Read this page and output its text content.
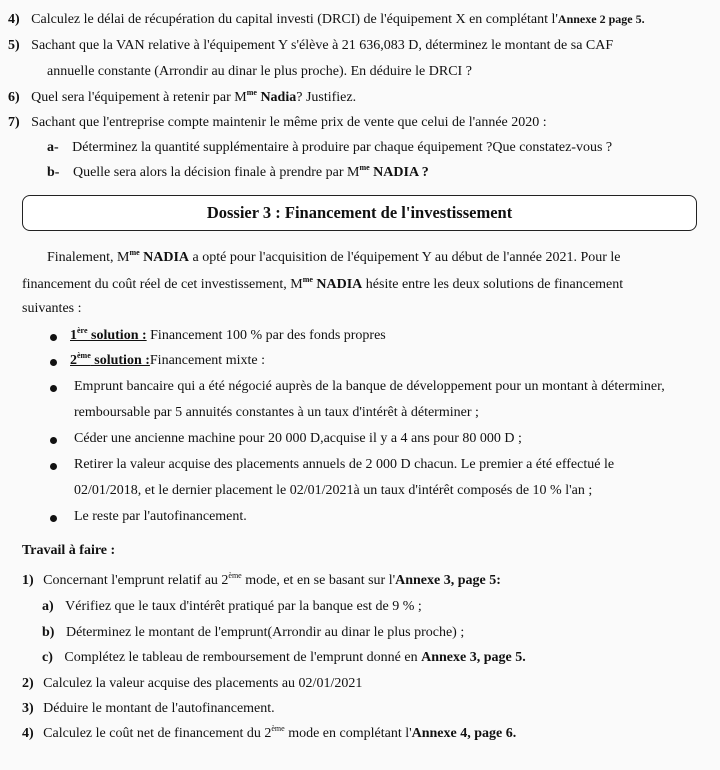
4) Calculez le délai de récupération du capital investi (DRCI) de l'équipement X en complétant l'Annexe 2 page 5.
5) Sachant que la VAN relative à l'équipement Y s'élève à 21 636,083 D, déterminez le montant de sa CAF
annuelle constante (Arrondir au dinar le plus proche). En déduire le DRCI ?
6) Quel sera l'équipement à retenir par $M^{me}$ Nadia? Justifiez.
7) Sachant que l'entreprise compte maintenir le même prix de vente que celui de l'année 2020 :
a- Déterminez la quantité supplémentaire à produire par chaque équipement ?Que constatez-vous ?
b- Quelle sera alors la décision finale à prendre par $M^{me}$ NADIA ?
Dossier 3 : Financement de l'investissement
Finalement, $M^{me}$ NADIA a opté pour l'acquisition de l'équipement Y au début de l'année 2021. Pour le
financement du coût réel de cet investissement, $M^{me}$ NADIA hésite entre les deux solutions de financement
suivantes :
1ère solution : Financement 100 % par des fonds propres
2ème solution :Financement mixte :
Emprunt bancaire qui a été négocié auprès de la banque de développement pour un montant à déterminer,
remboursable par 5 annuités constantes à un taux d'intérêt à déterminer ;
Céder une ancienne machine pour 20 000 D,acquise il y a 4 ans pour 80 000 D ;
Retirer la valeur acquise des placements annuels de 2 000 D chacun. Le premier a été effectué le
02/01/2018, et le dernier placement le 02/01/2021à un taux d'intérêt composés de 10 % l'an ;
Le reste par l'autofinancement.
Travail à faire :
1) Concernant l'emprunt relatif au 2ème mode, et en se basant sur l'Annexe 3, page 5:
a) Vérifiez que le taux d'intérêt pratiqué par la banque est de 9 % ;
b) Déterminez le montant de l'emprunt(Arrondir au dinar le plus proche) ;
c) Complétez le tableau de remboursement de l'emprunt donné en Annexe 3, page 5.
2) Calculez la valeur acquise des placements au 02/01/2021
3) Déduire le montant de l'autofinancement.
4) Calculez le coût net de financement du 2ème mode en complétant l'Annexe 4, page 6.
